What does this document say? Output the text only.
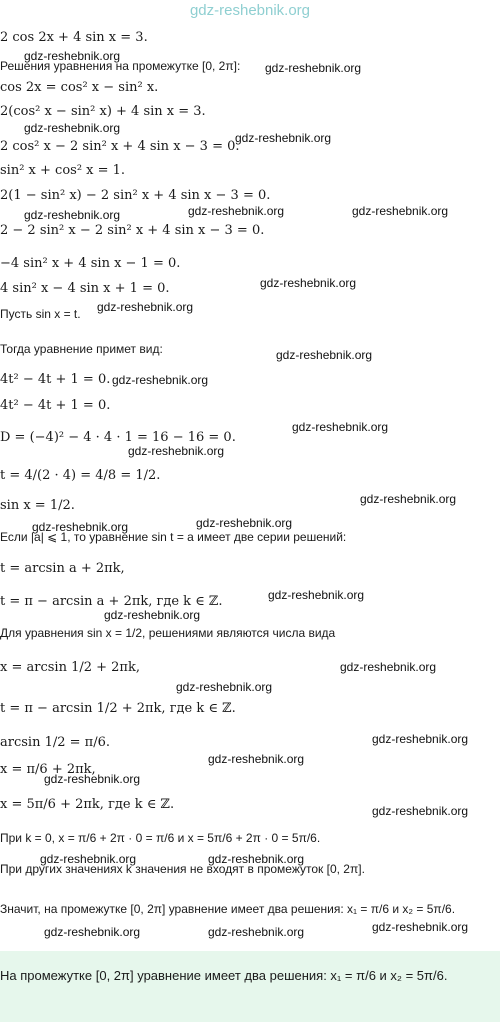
gdz-reshebnik.org
2 cos 2x + 4 sin x = 3.
Решения уравнения на промежутке [0, 2π]:
cos 2x = cos² x − sin² x.
2(cos² x − sin² x) + 4 sin x = 3.
2 cos² x − 2 sin² x + 4 sin x − 3 = 0.
sin² x + cos² x = 1.
2(1 − sin² x) − 2 sin² x + 4 sin x − 3 = 0.
2 − 2 sin² x − 2 sin² x + 4 sin x − 3 = 0.
−4 sin² x + 4 sin x − 1 = 0.
4 sin² x − 4 sin x + 1 = 0.
Пусть sin x = t.
Тогда уравнение примет вид:
4t² − 4t + 1 = 0.
4t² − 4t + 1 = 0.
D = (−4)² − 4 · 4 · 1 = 16 − 16 = 0.
t = 4/(2 · 4) = 4/8 = 1/2.
sin x = 1/2.
Если |a| ⩽ 1, то уравнение sin t = a имеет две серии решений:
t = arcsin a + 2πk,
t = π − arcsin a + 2πk, где k ∈ ℤ.
Для уравнения sin x = 1/2, решениями являются числа вида
x = arcsin 1/2 + 2πk,
t = π − arcsin 1/2 + 2πk, где k ∈ ℤ.
arcsin 1/2 = π/6.
x = π/6 + 2πk,
x = 5π/6 + 2πk, где k ∈ ℤ.
При k = 0, x = π/6 + 2π · 0 = π/6 и x = 5π/6 + 2π · 0 = 5π/6.
При других значениях k значения не входят в промежуток [0, 2π].
Значит, на промежутке [0, 2π] уравнение имеет два решения: x₁ = π/6 и x₂ = 5π/6.
На промежутке [0, 2π] уравнение имеет два решения: x₁ = π/6 и x₂ = 5π/6.
gdz-reshebnik.org
gdz-reshebnik.org
gdz-reshebnik.org
gdz-reshebnik.org
gdz-reshebnik.org	gdz-reshebnik.org	gdz-reshebnik.org
gdz-reshebnik.org
gdz-reshebnik.org
gdz-reshebnik.org
gdz-reshebnik.org
gdz-reshebnik.org
gdz-reshebnik.org
gdz-reshebnik.org
gdz-reshebnik.org	gdz-reshebnik.org
gdz-reshebnik.org
gdz-reshebnik.org
gdz-reshebnik.org
gdz-reshebnik.org
gdz-reshebnik.org
gdz-reshebnik.org
gdz-reshebnik.org
gdz-reshebnik.org
gdz-reshebnik.org	gdz-reshebnik.org
gdz-reshebnik.org	gdz-reshebnik.org	gdz-reshebnik.org
